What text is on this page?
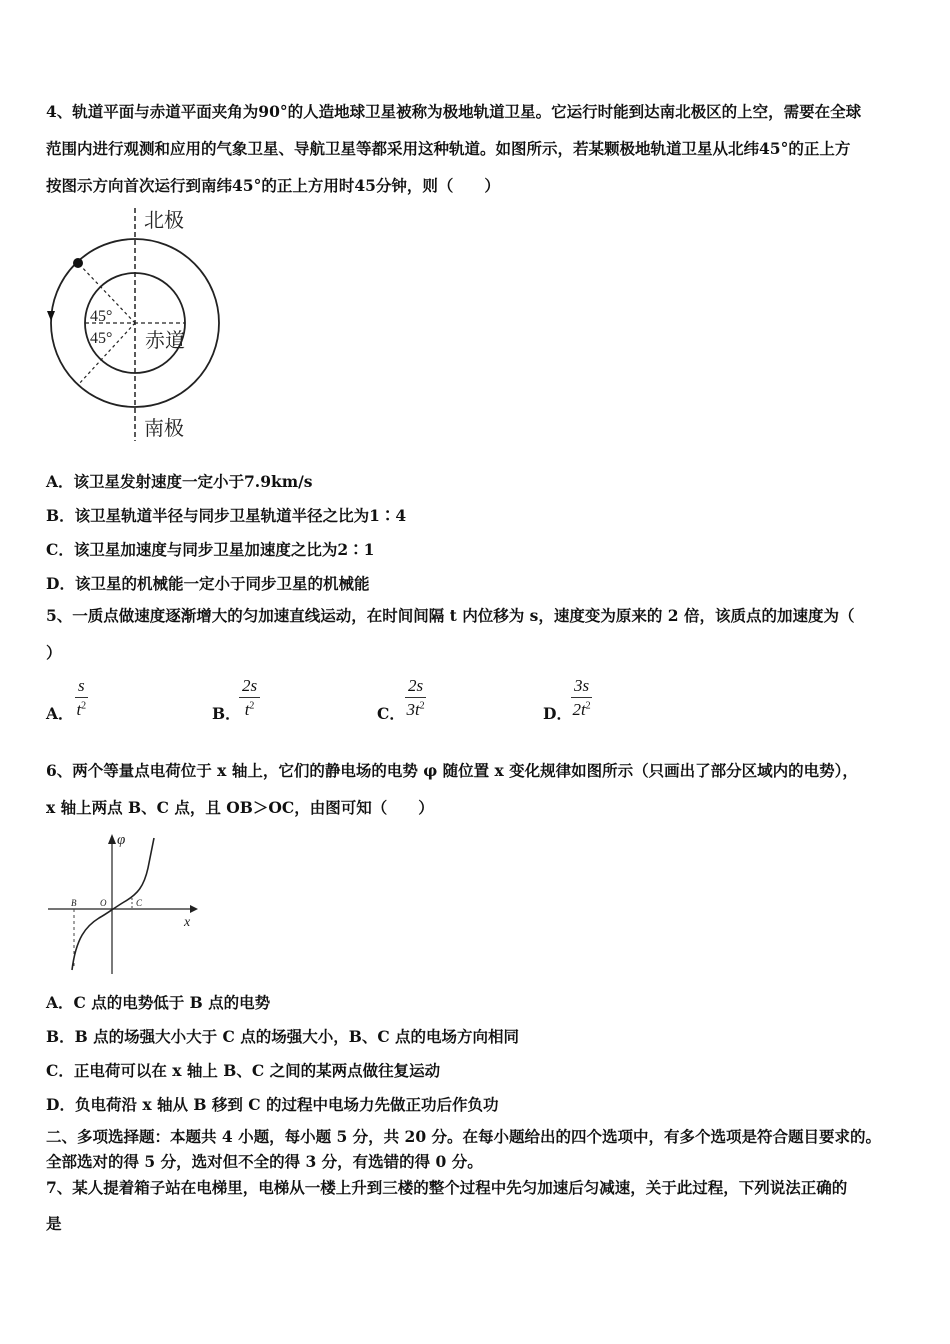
4、轨道平面与赤道平面夹角为90°的人造地球卫星被称为极地轨道卫星。它运行时能到达南北极区的上空，需要在全球
范围内进行观测和应用的气象卫星、导航卫星等都采用这种轨道。如图所示，若某颗极地轨道卫星从北纬45°的正上方
按图示方向首次运行到南纬45°的正上方用时45分钟，则（　　）
北极
南极
赤道
45°
45°
A．该卫星发射速度一定小于7.9km/s
B．该卫星轨道半径与同步卫星轨道半径之比为1∶4
C．该卫星加速度与同步卫星加速度之比为2∶1
D．该卫星的机械能一定小于同步卫星的机械能
5、一质点做速度逐渐增大的匀加速直线运动，在时间间隔 t 内位移为 s，速度变为原来的 2 倍，该质点的加速度为（
）
A． $\frac{s}{t^2}$	B．
$\frac{2s}{t^2}$	C． $\frac{2s}{3t^2}$	D． $\frac{3s}{2t^2}$
6、两个等量点电荷位于 x 轴上，它们的静电场的电势 φ 随位置 x 变化规律如图所示（只画出了部分区域内的电势），
x 轴上两点 B、C 点，且 OB＞OC，由图可知（　　）
φ
x
B	O	C
A．C 点的电势低于 B 点的电势
B．B 点的场强大小大于 C 点的场强大小，B、C 点的电场方向相同
C．正电荷可以在 x 轴上 B、C 之间的某两点做往复运动
D．负电荷沿 x 轴从 B 移到 C 的过程中电场力先做正功后作负功
二、多项选择题：本题共 4 小题，每小题 5 分，共 20 分。在每小题给出的四个选项中，有多个选项是符合题目要求的。
全部选对的得 5 分，选对但不全的得 3 分，有选错的得 0 分。
7、某人提着箱子站在电梯里，电梯从一楼上升到三楼的整个过程中先匀加速后匀减速，关于此过程，下列说法正确的
是
